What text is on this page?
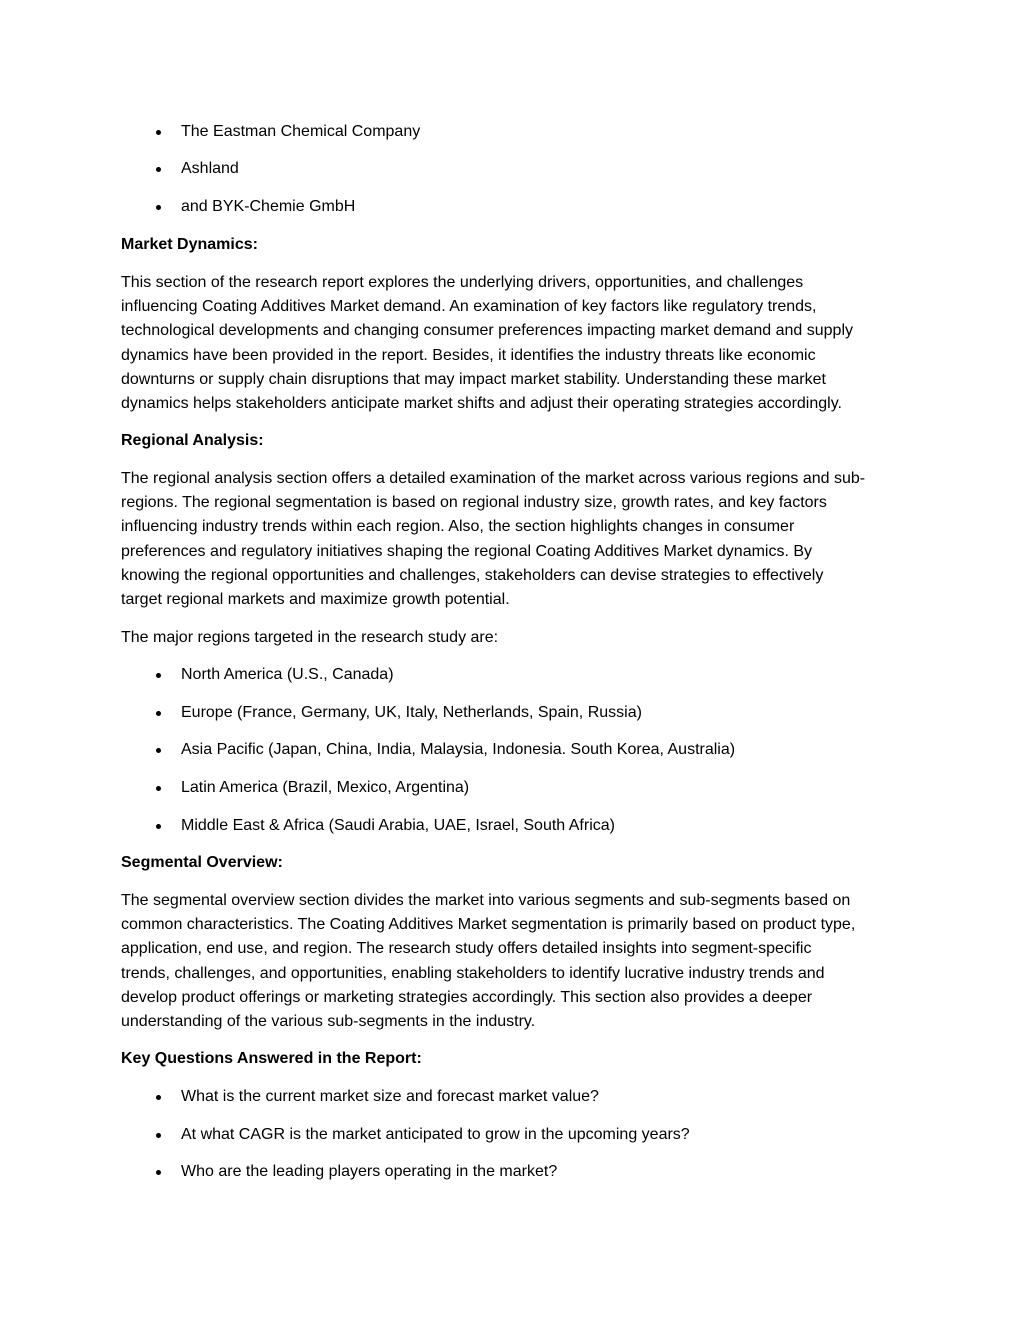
The Eastman Chemical Company
Ashland
and BYK-Chemie GmbH
Market Dynamics:
This section of the research report explores the underlying drivers, opportunities, and challenges
influencing Coating Additives Market demand. An examination of key factors like regulatory trends,
technological developments and changing consumer preferences impacting market demand and supply
dynamics have been provided in the report. Besides, it identifies the industry threats like economic
downturns or supply chain disruptions that may impact market stability. Understanding these market
dynamics helps stakeholders anticipate market shifts and adjust their operating strategies accordingly.
Regional Analysis:
The regional analysis section offers a detailed examination of the market across various regions and sub-
regions. The regional segmentation is based on regional industry size, growth rates, and key factors
influencing industry trends within each region. Also, the section highlights changes in consumer
preferences and regulatory initiatives shaping the regional Coating Additives Market dynamics. By
knowing the regional opportunities and challenges, stakeholders can devise strategies to effectively
target regional markets and maximize growth potential.
The major regions targeted in the research study are:
North America (U.S., Canada)
Europe (France, Germany, UK, Italy, Netherlands, Spain, Russia)
Asia Pacific (Japan, China, India, Malaysia, Indonesia. South Korea, Australia)
Latin America (Brazil, Mexico, Argentina)
Middle East & Africa (Saudi Arabia, UAE, Israel, South Africa)
Segmental Overview:
The segmental overview section divides the market into various segments and sub-segments based on
common characteristics. The Coating Additives Market segmentation is primarily based on product type,
application, end use, and region. The research study offers detailed insights into segment-specific
trends, challenges, and opportunities, enabling stakeholders to identify lucrative industry trends and
develop product offerings or marketing strategies accordingly. This section also provides a deeper
understanding of the various sub-segments in the industry.
Key Questions Answered in the Report:
What is the current market size and forecast market value?
At what CAGR is the market anticipated to grow in the upcoming years?
Who are the leading players operating in the market?
